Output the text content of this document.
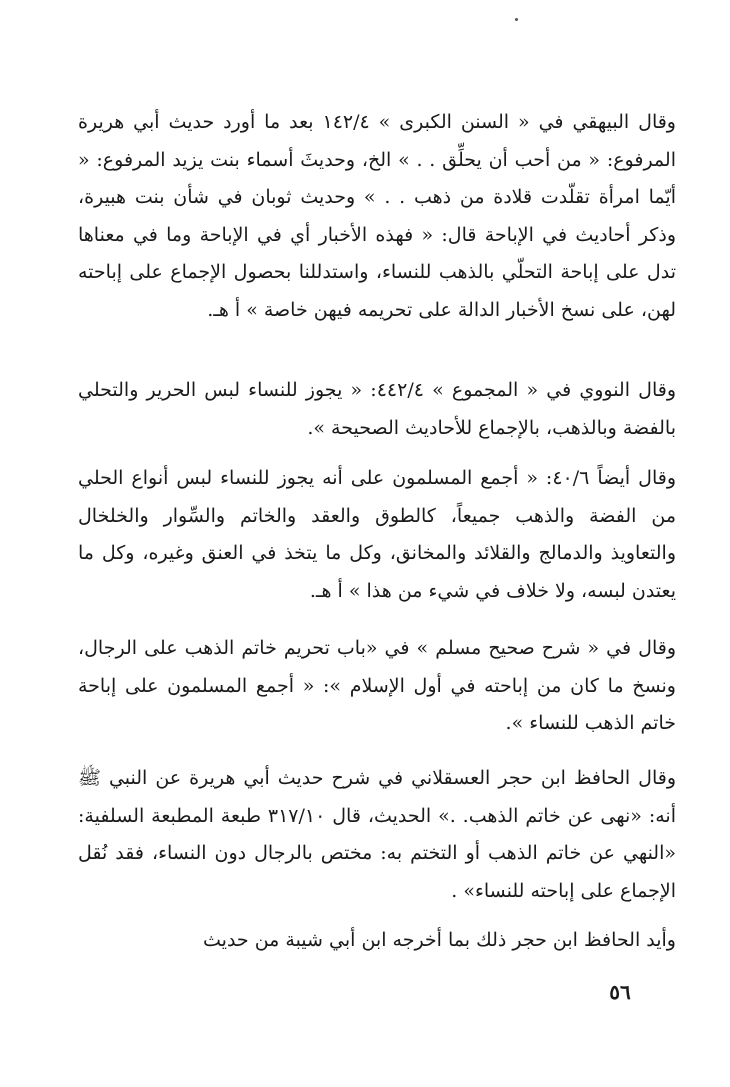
وقال البيهقي في « السنن الكبرى » ١٤٢/٤ بعد ما أورد حديث أبي هريرة المرفوع: « من أحب أن يحلِّق . . » الخ، وحديثَ أسماء بنت يزيد المرفوع: « أيّما امرأة تقلّدت قلادة من ذهب . . » وحديث ثوبان في شأن بنت هبيرة، وذكر أحاديث في الإباحة قال: « فهذه الأخبار أي في الإباحة وما في معناها تدل على إباحة التحلّي بالذهب للنساء، واستدللنا بحصول الإجماع على إباحته لهن، على نسخ الأخبار الدالة على تحريمه فيهن خاصة » أ هـ.

وقال النووي في « المجموع » ٤٤٢/٤: « يجوز للنساء لبس الحرير والتحلي بالفضة وبالذهب، بالإجماع للأحاديث الصحيحة ».

وقال أيضاً ٤٠/٦: « أجمع المسلمون على أنه يجوز للنساء لبس أنواع الحلي من الفضة والذهب جميعاً، كالطوق والعقد والخاتم والسِّوار والخلخال والتعاويذ والدمالج والقلائد والمخانق، وكل ما يتخذ في العنق وغيره، وكل ما يعتدن لبسه، ولا خلاف في شيء من هذا » أ هـ.

وقال في « شرح صحيح مسلم » في «باب تحريم خاتم الذهب على الرجال، ونسخ ما كان من إباحته في أول الإسلام »: « أجمع المسلمون على إباحة خاتم الذهب للنساء ».

وقال الحافظ ابن حجر العسقلاني في شرح حديث أبي هريرة عن النبي ﷺ أنه: «نهى عن خاتم الذهب. .» الحديث، قال ٣١٧/١٠ طبعة المطبعة السلفية: «النهي عن خاتم الذهب أو التختم به: مختص بالرجال دون النساء، فقد نُقل الإجماع على إباحته للنساء» .

وأيد الحافظ ابن حجر ذلك بما أخرجه ابن أبي شيبة من حديث

٥٦
